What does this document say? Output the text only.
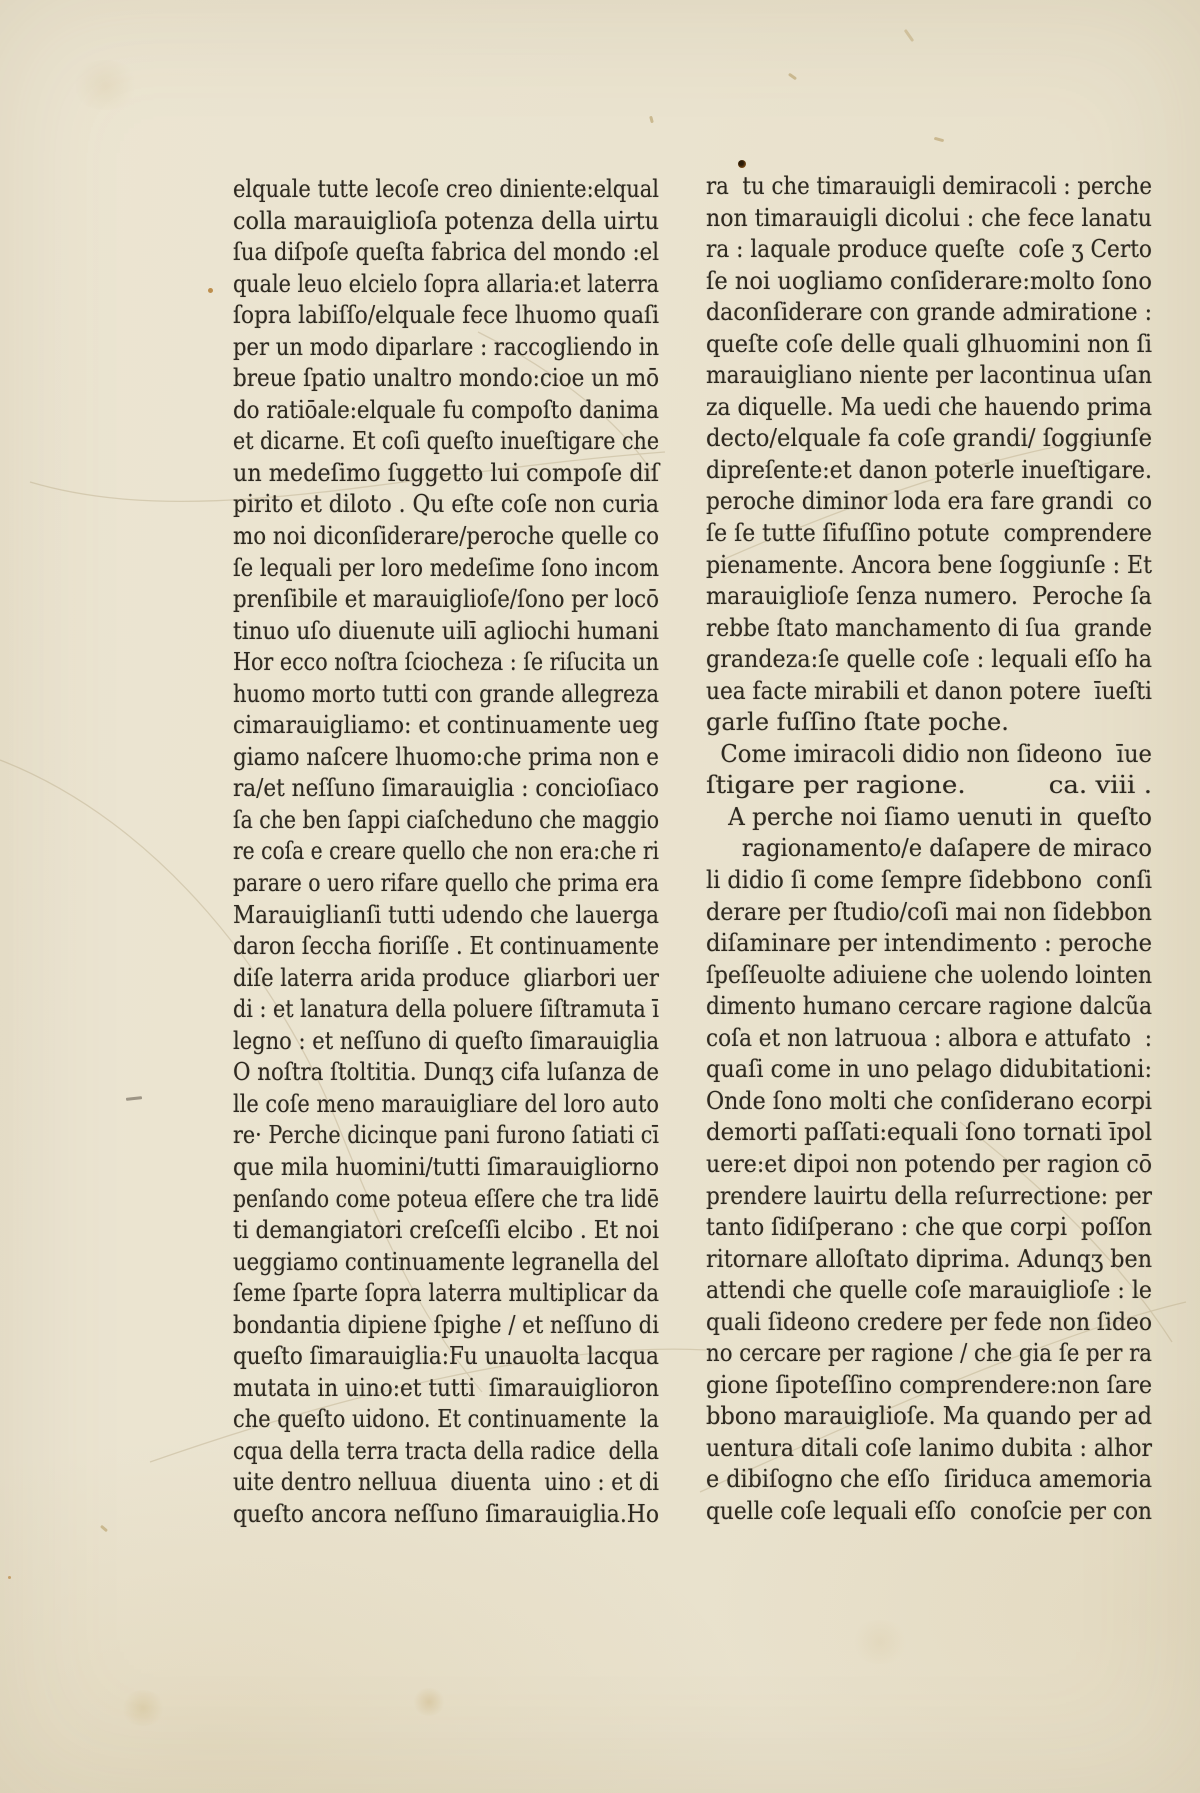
elquale tutte lecoſe creo diniente:elqual
colla marauiglioſa potenza della uirtu
ſua diſpoſe queſta fabrica del mondo :el
quale leuo elcielo ſopra allaria:et laterra
ſopra labiſſo/elquale fece lhuomo quaſi
per un modo diparlare : raccogliendo in
breue ſpatio unaltro mondo:cioe un mō
do ratiōale:elquale fu compoſto danima
et dicarne. Et coſi queſto inueſtigare che
un medeſimo ſuggetto lui compoſe diſ
pirito et diloto . Qu eſte coſe non curia
mo noi diconſiderare/peroche quelle co
ſe lequali per loro medeſime ſono incom
prenſibile et marauiglioſe/ſono per locō
tinuo uſo diuenute uilī agliochi humani
Hor ecco noſtra ſciocheza : ſe riſucita un
huomo morto tutti con grande allegreza
cimarauigliamo: et continuamente ueg
giamo naſcere lhuomo:che prima non e
ra/et neſſuno ſimarauiglia : concioſiaco
ſa che ben ſappi ciaſcheduno che maggio
re coſa e creare quello che non era:che ri
parare o uero rifare quello che prima era
Marauiglianſi tutti udendo che lauerga
daron ſeccha fioriſſe . Et continuamente
diſe laterra arida produce  gliarbori uer
di : et lanatura della poluere ſiſtramuta ī
legno : et neſſuno di queſto ſimarauiglia
O noſtra ſtoltitia. Dunqʒ cifa luſanza de
lle coſe meno marauigliare del loro auto
re· Perche dicinque pani furono ſatiati cī
que mila huomini/tutti ſimarauigliorno
penſando come poteua eſſere che tra lidē
ti demangiatori creſceſſi elcibo . Et noi
ueggiamo continuamente legranella del
ſeme ſparte ſopra laterra multiplicar da
bondantia dipiene ſpighe / et neſſuno di
queſto ſimarauiglia:Fu unauolta lacqua
mutata in uino:et tutti  ſimarauiglioron
che queſto uidono. Et continuamente  la
cqua della terra tracta della radice  della
uite dentro nelluua  diuenta  uino : et di
queſto ancora neſſuno ſimarauiglia.Ho
ra  tu che timarauigli demiracoli : perche
non timarauigli dicolui : che fece lanatu
ra : laquale produce queſte  coſe ʒ Certo
ſe noi uogliamo conſiderare:molto ſono
daconſiderare con grande admiratione :
queſte coſe delle quali glhuomini non ſi
marauigliano niente per lacontinua uſan
za diquelle. Ma uedi che hauendo prima
decto/elquale fa coſe grandi/ ſoggiunſe
dipreſente:et danon poterle inueſtigare.
peroche diminor loda era fare grandi  co
ſe ſe tutte ſifuſſino potute  comprendere
pienamente. Ancora bene ſoggiunſe : Et
marauiglioſe ſenza numero.  Peroche ſa
rebbe ſtato manchamento di ſua  grande
grandeza:ſe quelle coſe : lequali eſſo ha
uea facte mirabili et danon potere  īueſti
garle fuſſino ſtate poche.
Come imiracoli didio non ſideono  īue
ſtigare per ragione.          ca. viii .
A perche noi ſiamo uenuti in  queſto
ragionamento/e daſapere de miraco
li didio ſi come ſempre ſidebbono  conſi
derare per ſtudio/coſi mai non ſidebbon
diſaminare per intendimento : peroche
ſpeſſeuolte adiuiene che uolendo lointen
dimento humano cercare ragione dalcũa
coſa et non latruoua : albora e attufato  :
quaſi come in uno pelago didubitationi:
Onde ſono molti che conſiderano ecorpi
demorti paſſati:equali ſono tornati īpol
uere:et dipoi non potendo per ragion cō
prendere lauirtu della reſurrectione: per
tanto ſidiſperano : che que corpi  poſſon
ritornare alloſtato diprima. Adunqʒ ben
attendi che quelle coſe marauiglioſe : le
quali ſideono credere per fede non ſideo
no cercare per ragione / che gia ſe per ra
gione ſipoteſſino comprendere:non ſare
bbono marauiglioſe. Ma quando per ad
uentura ditali coſe lanimo dubita : alhor
e dibiſogno che eſſo  ſiriduca amemoria
quelle coſe lequali eſſo  conoſcie per con
